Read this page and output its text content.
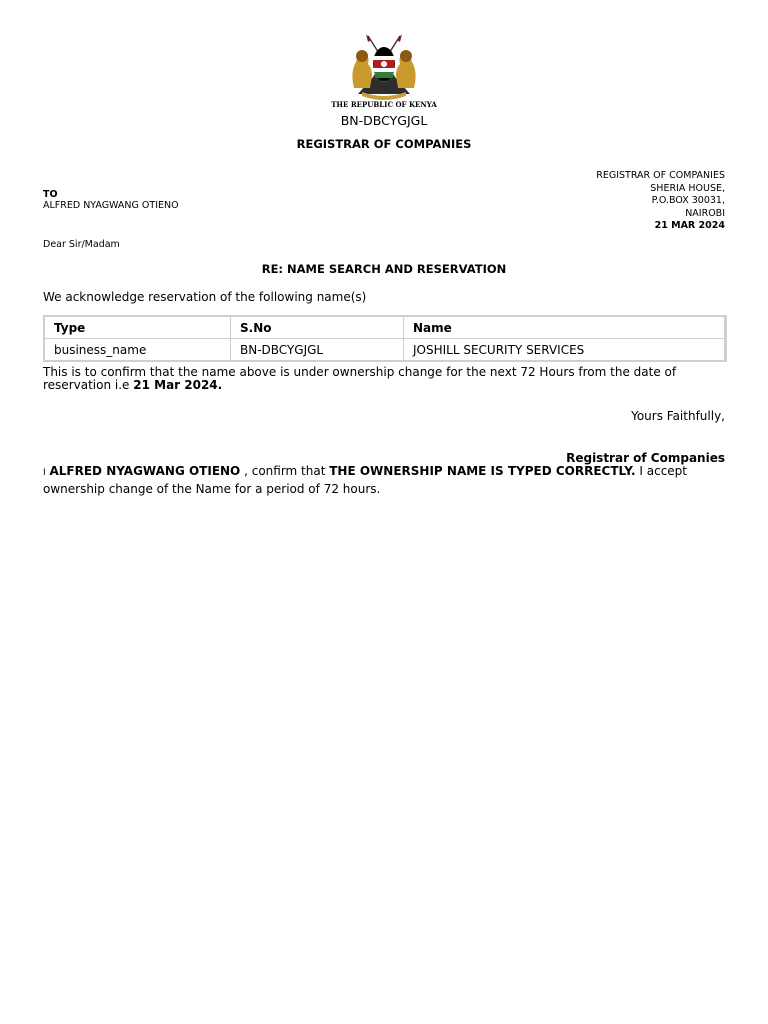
THE REPUBLIC OF KENYA
BN-DBCYGJGL
REGISTRAR OF COMPANIES
REGISTRAR OF COMPANIES
SHERIA HOUSE,
P.O.BOX 30031,
NAIROBI
21 MAR 2024
TO
ALFRED NYAGWANG OTIENO
Dear Sir/Madam
RE: NAME SEARCH AND RESERVATION
We acknowledge reservation of the following name(s)
Type	S.No	Name
business_name	BN-DBCYGJGL	JOSHILL SECURITY SERVICES
This is to confirm that the name above is under ownership change for the next 72 Hours from the date of reservation i.e 21 Mar 2024.
Yours Faithfully,
Registrar of Companies
I ALFRED NYAGWANG OTIENO , confirm that THE OWNERSHIP NAME IS TYPED CORRECTLY. I accept ownership change of the Name for a period of 72 hours.
